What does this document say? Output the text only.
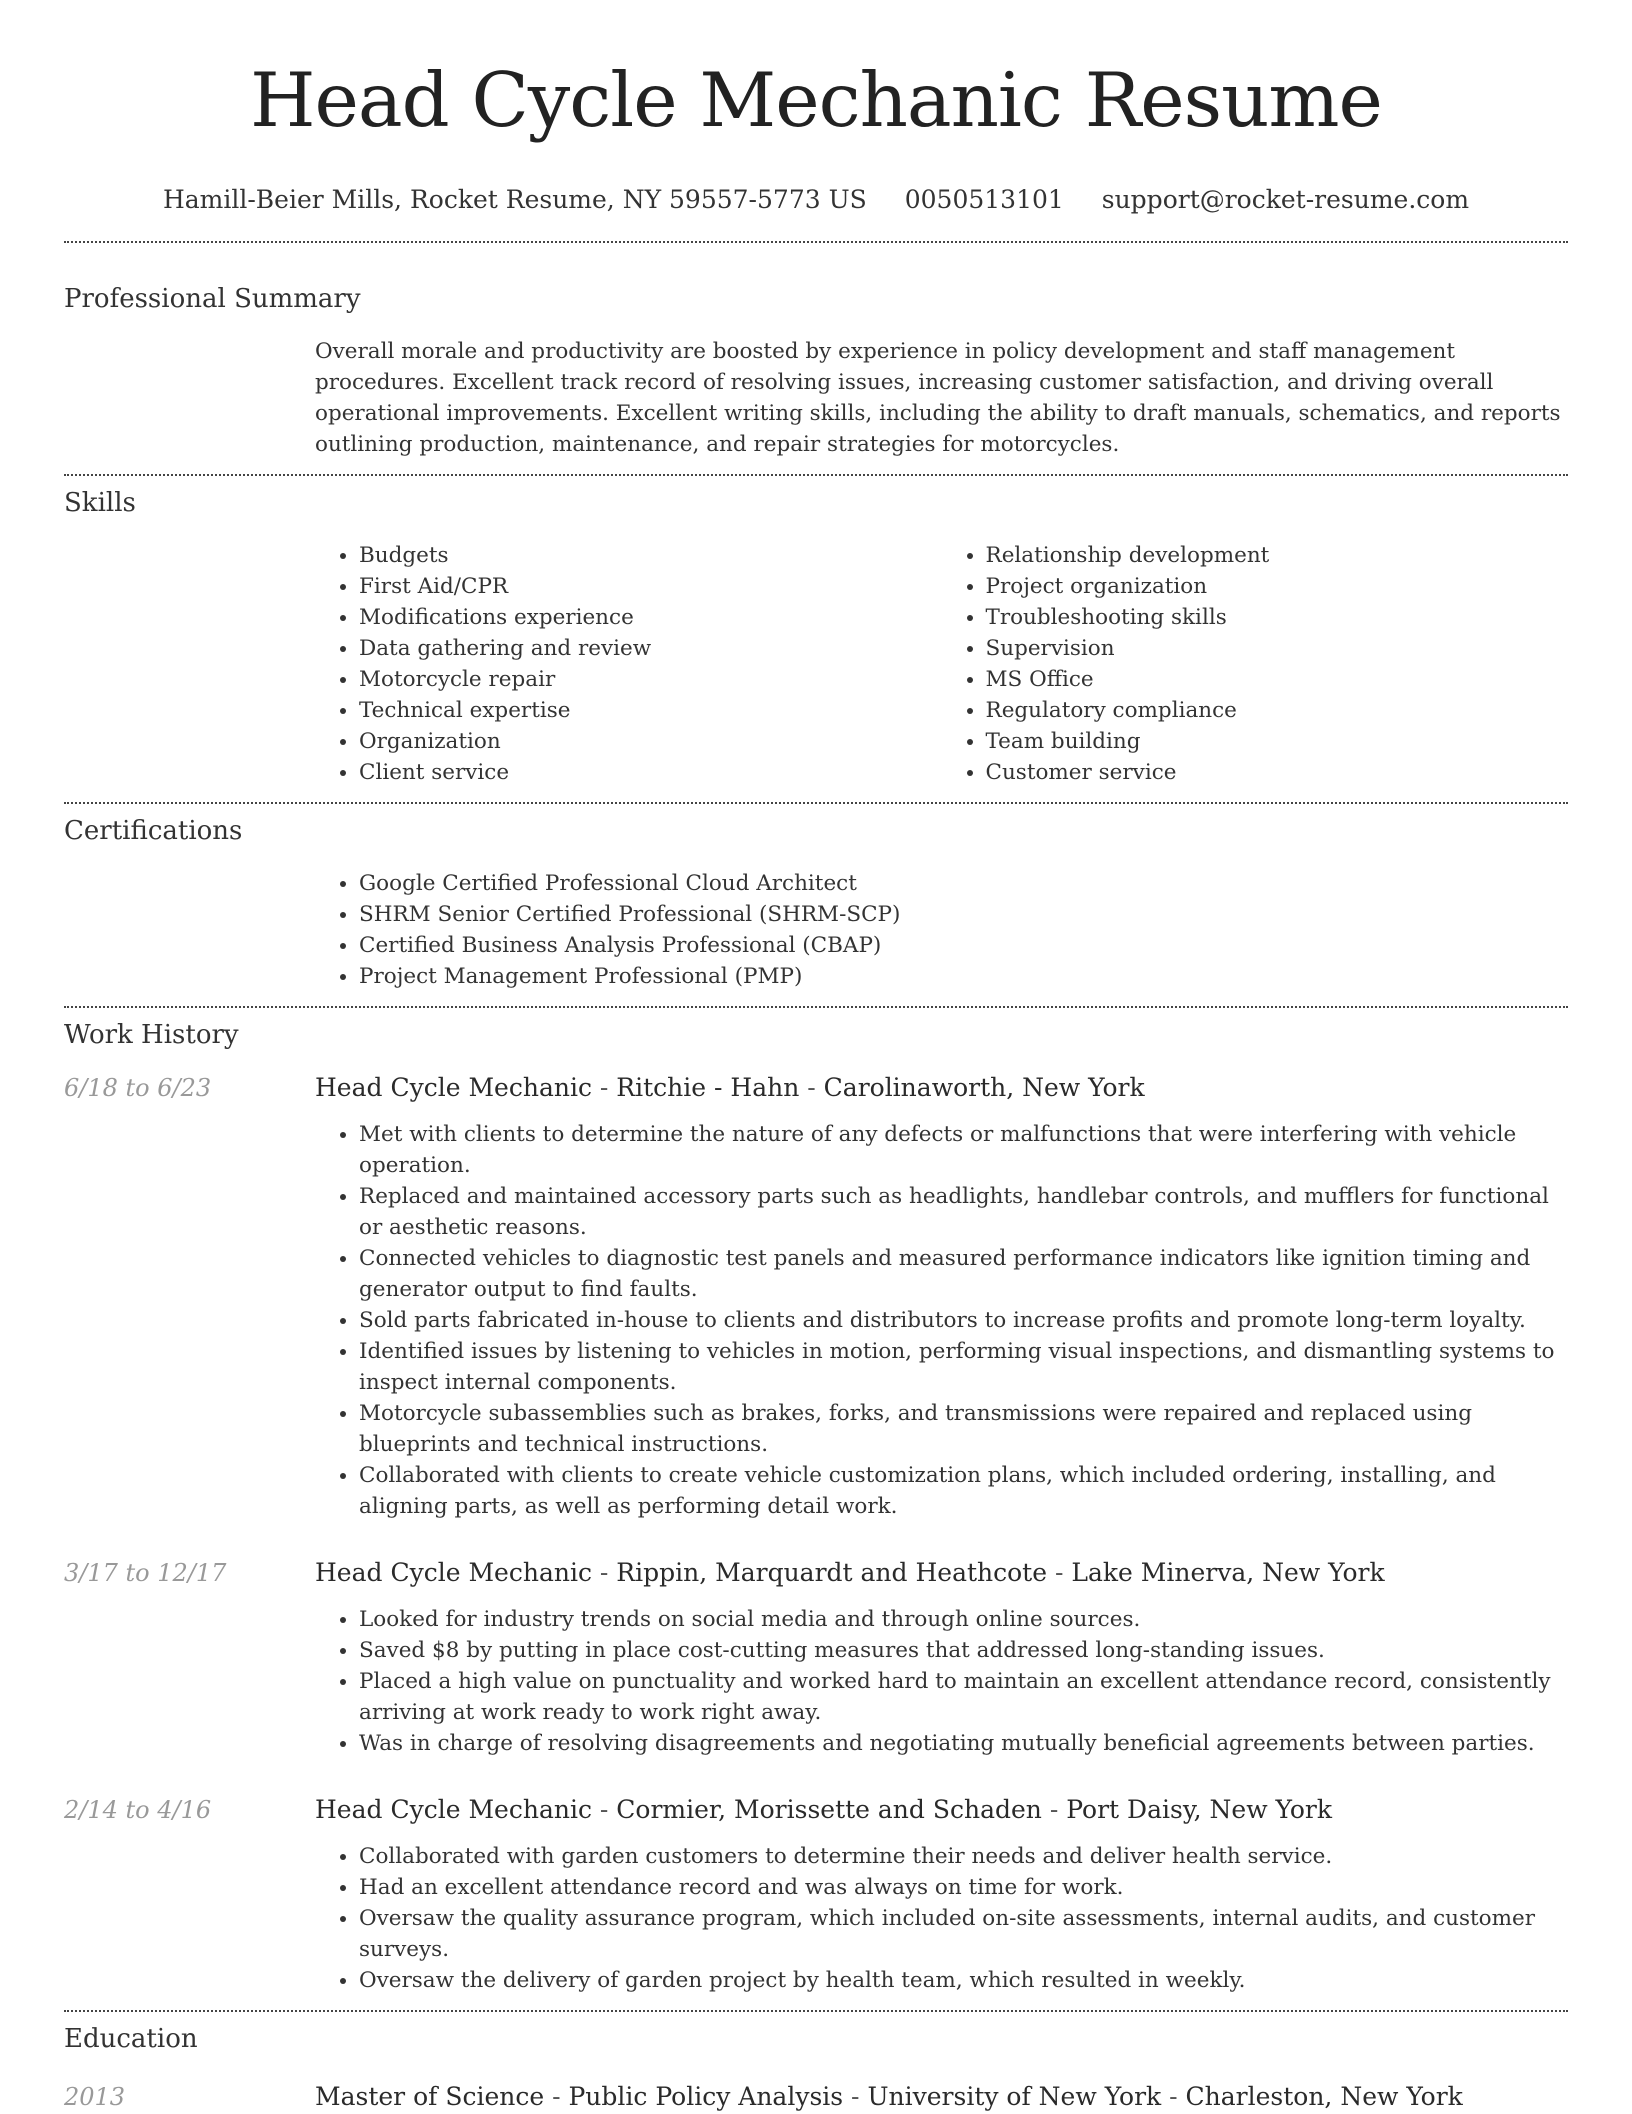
Head Cycle Mechanic Resume
Hamill-Beier Mills, Rocket Resume, NY 59557-5773 US 0050513101 support@rocket-resume.com
Professional Summary
Overall morale and productivity are boosted by experience in policy development and staff management procedures. Excellent track record of resolving issues, increasing customer satisfaction, and driving overall operational improvements. Excellent writing skills, including the ability to draft manuals, schematics, and reports outlining production, maintenance, and repair strategies for motorcycles.
Skills
• Budgets
• First Aid/CPR
• Modifications experience
• Data gathering and review
• Motorcycle repair
• Technical expertise
• Organization
• Client service
• Relationship development
• Project organization
• Troubleshooting skills
• Supervision
• MS Office
• Regulatory compliance
• Team building
• Customer service
Certifications
• Google Certified Professional Cloud Architect
• SHRM Senior Certified Professional (SHRM-SCP)
• Certified Business Analysis Professional (CBAP)
• Project Management Professional (PMP)
Work History
6/18 to 6/23	Head Cycle Mechanic - Ritchie - Hahn - Carolinaworth, New York
• Met with clients to determine the nature of any defects or malfunctions that were interfering with vehicle operation.
• Replaced and maintained accessory parts such as headlights, handlebar controls, and mufflers for functional or aesthetic reasons.
• Connected vehicles to diagnostic test panels and measured performance indicators like ignition timing and generator output to find faults.
• Sold parts fabricated in-house to clients and distributors to increase profits and promote long-term loyalty.
• Identified issues by listening to vehicles in motion, performing visual inspections, and dismantling systems to inspect internal components.
• Motorcycle subassemblies such as brakes, forks, and transmissions were repaired and replaced using blueprints and technical instructions.
• Collaborated with clients to create vehicle customization plans, which included ordering, installing, and aligning parts, as well as performing detail work.
3/17 to 12/17	Head Cycle Mechanic - Rippin, Marquardt and Heathcote - Lake Minerva, New York
• Looked for industry trends on social media and through online sources.
• Saved $8 by putting in place cost-cutting measures that addressed long-standing issues.
• Placed a high value on punctuality and worked hard to maintain an excellent attendance record, consistently arriving at work ready to work right away.
• Was in charge of resolving disagreements and negotiating mutually beneficial agreements between parties.
2/14 to 4/16	Head Cycle Mechanic - Cormier, Morissette and Schaden - Port Daisy, New York
• Collaborated with garden customers to determine their needs and deliver health service.
• Had an excellent attendance record and was always on time for work.
• Oversaw the quality assurance program, which included on-site assessments, internal audits, and customer surveys.
• Oversaw the delivery of garden project by health team, which resulted in weekly.
Education
2013	Master of Science - Public Policy Analysis - University of New York - Charleston, New York
